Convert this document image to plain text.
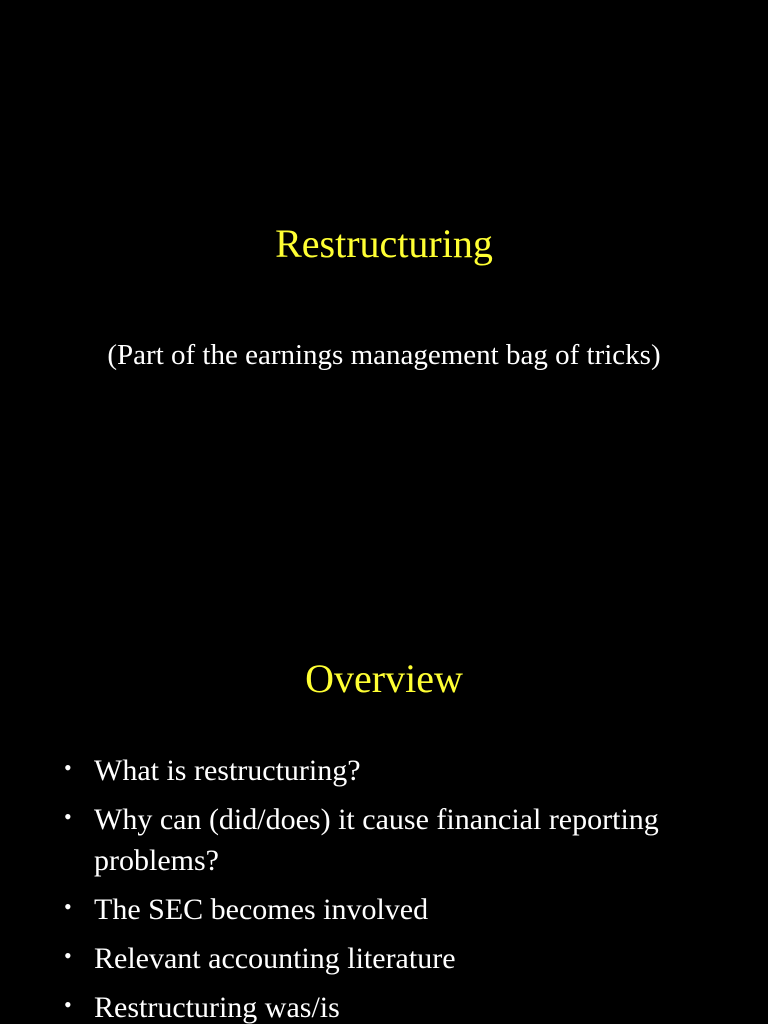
Restructuring
(Part of the earnings management bag of tricks)
Overview
• What is restructuring?
• Why can (did/does) it cause financial reporting problems?
• The SEC becomes involved
• Relevant accounting literature
• Restructuring was/is
